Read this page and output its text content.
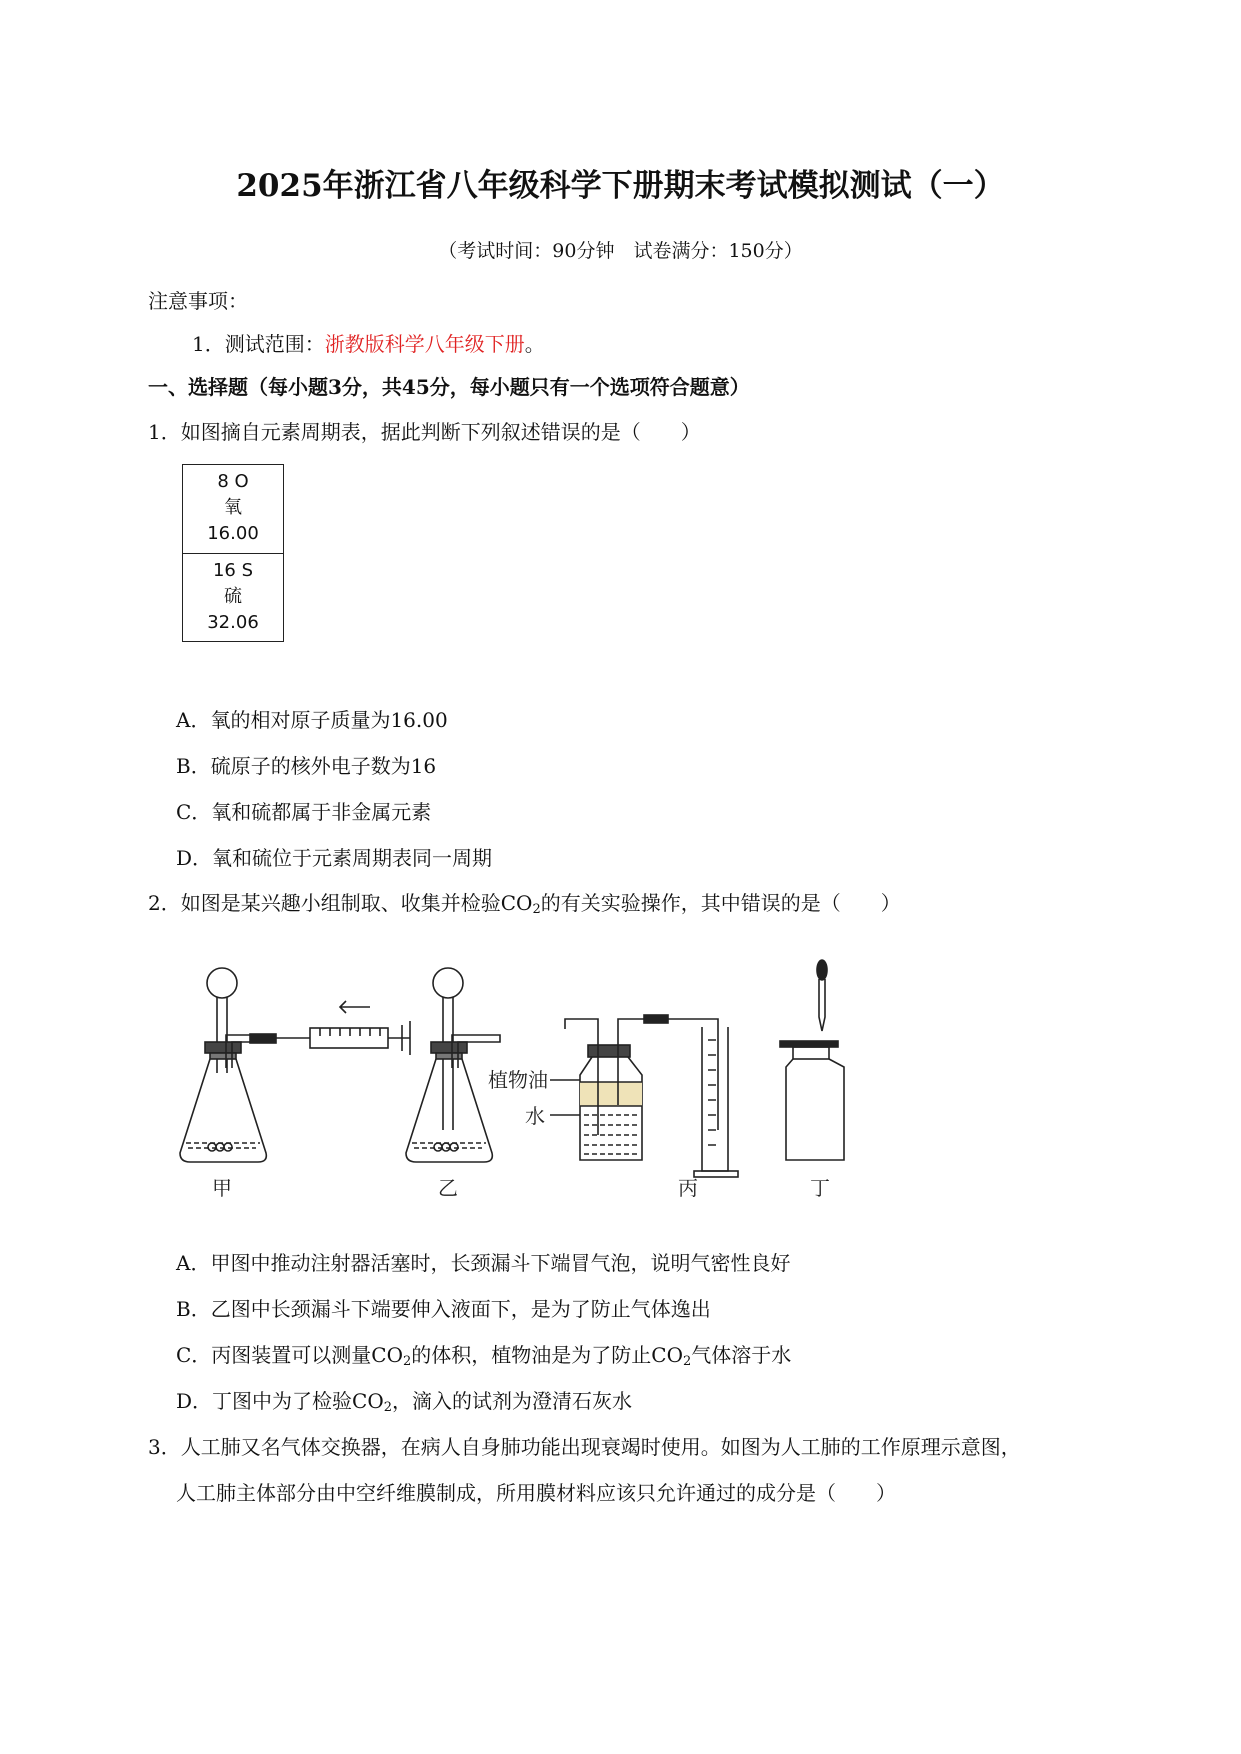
2025年浙江省八年级科学下册期末考试模拟测试（一）
（考试时间：90分钟　试卷满分：150分）
注意事项：
1．测试范围：浙教版科学八年级下册。
一、选择题（每小题3分，共45分，每小题只有一个选项符合题意）
1．如图摘自元素周期表，据此判断下列叙述错误的是（　　）
8 O
氧
16.00
16 S
硫
32.06
A．氧的相对原子质量为16.00
B．硫原子的核外电子数为16
C．氧和硫都属于非金属元素
D．氧和硫位于元素周期表同一周期
2．如图是某兴趣小组制取、收集并检验$CO_2$的有关实验操作，其中错误的是（　　）
甲	乙	丙	丁
植物油
水
A．甲图中推动注射器活塞时，长颈漏斗下端冒气泡，说明气密性良好
B．乙图中长颈漏斗下端要伸入液面下，是为了防止气体逸出
C．丙图装置可以测量$CO_2$的体积，植物油是为了防止$CO_2$气体溶于水
D．丁图中为了检验$CO_2$，滴入的试剂为澄清石灰水
3．人工肺又名气体交换器，在病人自身肺功能出现衰竭时使用。如图为人工肺的工作原理示意图，
人工肺主体部分由中空纤维膜制成，所用膜材料应该只允许通过的成分是（　　）
